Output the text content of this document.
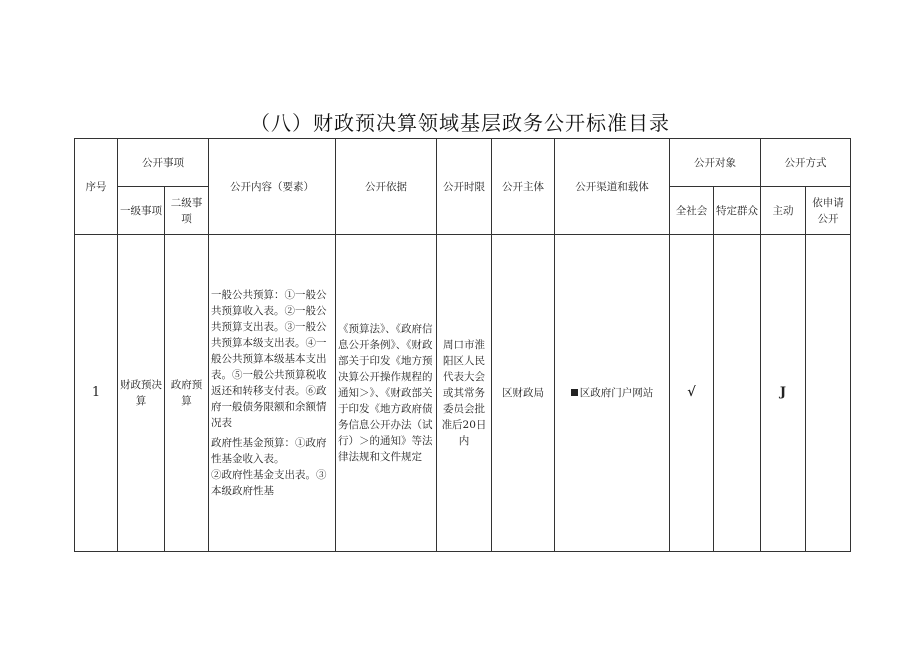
（八）财政预决算领域基层政务公开标准目录
序号	公开事项		公开内容（要素）	公开依据	公开时限	公开主体	公开渠道和载体	公开对象		公开方式	

	一级事项	二级事项						全社会	特定群众	主动	依申请公开

1	财政预决算	政府预算	一般公共预算：①一般公共预算收入表。②一般公共预算支出表。③一般公共预算本级支出表。④一般公共预算本级基本支出表。⑤一般公共预算税收返还和转移支付表。⑥政府一般债务限额和余额情况表
政府性基金预算：①政府性基金收入表。
②政府性基金支出表。③本级政府性基	《预算法》、《政府信息公开条例》、《财政部关于印发《地方预决算公开操作规程的通知＞》、《财政部关于印发《地方政府债务信息公开办法（试行）＞的通知》等法律法规和文件规定	周口市淮阳区人民代表大会或其常务委员会批准后20日内	区财政局	区政府门户网站	√		J	
